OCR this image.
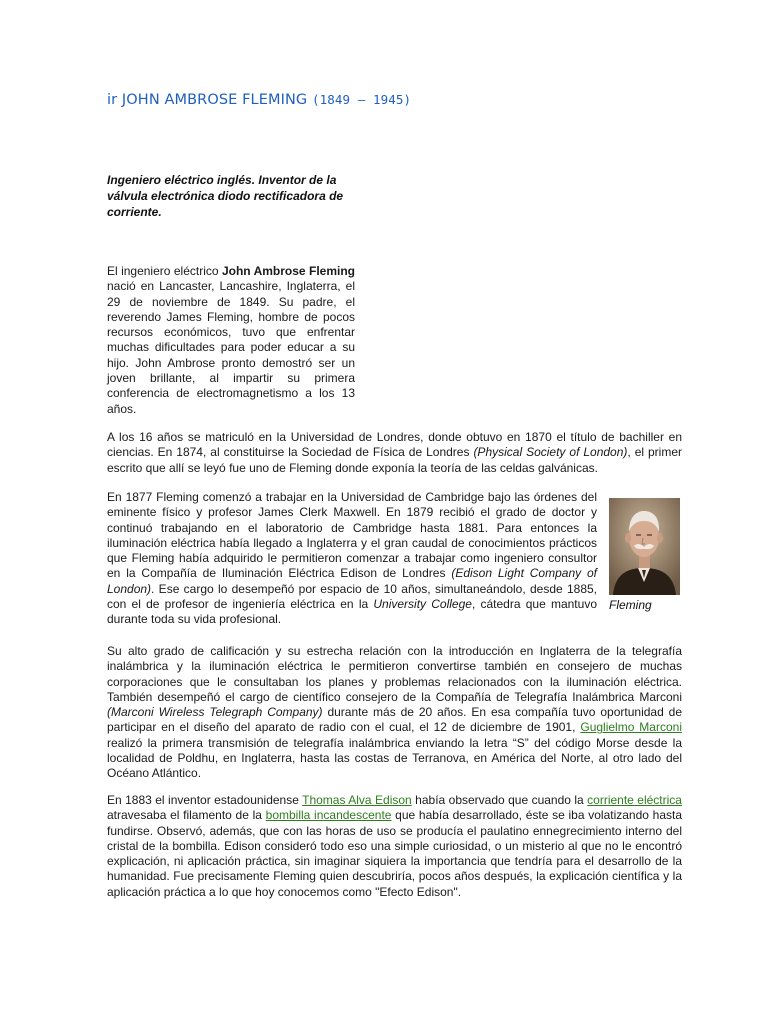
ir JOHN AMBROSE FLEMING (1849 – 1945)

Ingeniero eléctrico inglés. Inventor de la válvula electrónica diodo rectificadora de corriente.

El ingeniero eléctrico John Ambrose Fleming nació en Lancaster, Lancashire, Inglaterra, el 29 de noviembre de 1849. Su padre, el reverendo James Fleming, hombre de pocos recursos económicos, tuvo que enfrentar muchas dificultades para poder educar a su hijo. John Ambrose pronto demostró ser un joven brillante, al impartir su primera conferencia de electromagnetismo a los 13 años.

A los 16 años se matriculó en la Universidad de Londres, donde obtuvo en 1870 el título de bachiller en ciencias. En 1874, al constituirse la Sociedad de Física de Londres (Physical Society of London), el primer escrito que allí se leyó fue uno de Fleming donde exponía la teoría de las celdas galvánicas.

En 1877 Fleming comenzó a trabajar en la Universidad de Cambridge bajo las órdenes del eminente físico y profesor James Clerk Maxwell. En 1879 recibió el grado de doctor y continuó trabajando en el laboratorio de Cambridge hasta 1881. Para entonces la iluminación eléctrica había llegado a Inglaterra y el gran caudal de conocimientos prácticos que Fleming había adquirido le permitieron comenzar a trabajar como ingeniero consultor en la Compañía de Iluminación Eléctrica Edison de Londres (Edison Light Company of London). Ese cargo lo desempeñó por espacio de 10 años, simultaneándolo, desde 1885, con el de profesor de ingeniería eléctrica en la University College, cátedra que mantuvo durante toda su vida profesional.

Fleming

Su alto grado de calificación y su estrecha relación con la introducción en Inglaterra de la telegrafía inalámbrica y la iluminación eléctrica le permitieron convertirse también en consejero de muchas corporaciones que le consultaban los planes y problemas relacionados con la iluminación eléctrica. También desempeñó el cargo de científico consejero de la Compañía de Telegrafía Inalámbrica Marconi (Marconi Wireless Telegraph Company) durante más de 20 años. En esa compañía tuvo oportunidad de participar en el diseño del aparato de radio con el cual, el 12 de diciembre de 1901, Guglielmo Marconi realizó la primera transmisión de telegrafía inalámbrica enviando la letra “S” del código Morse desde la localidad de Poldhu, en Inglaterra, hasta las costas de Terranova, en América del Norte, al otro lado del Océano Atlántico.

En 1883 el inventor estadounidense Thomas Alva Edison había observado que cuando la corriente eléctrica atravesaba el filamento de la bombilla incandescente que había desarrollado, éste se iba volatizando hasta fundirse. Observó, además, que con las horas de uso se producía el paulatino ennegrecimiento interno del cristal de la bombilla. Edison consideró todo eso una simple curiosidad, o un misterio al que no le encontró explicación, ni aplicación práctica, sin imaginar siquiera la importancia que tendría para el desarrollo de la humanidad. Fue precisamente Fleming quien descubriría, pocos años después, la explicación científica y la aplicación práctica a lo que hoy conocemos como "Efecto Edison".
